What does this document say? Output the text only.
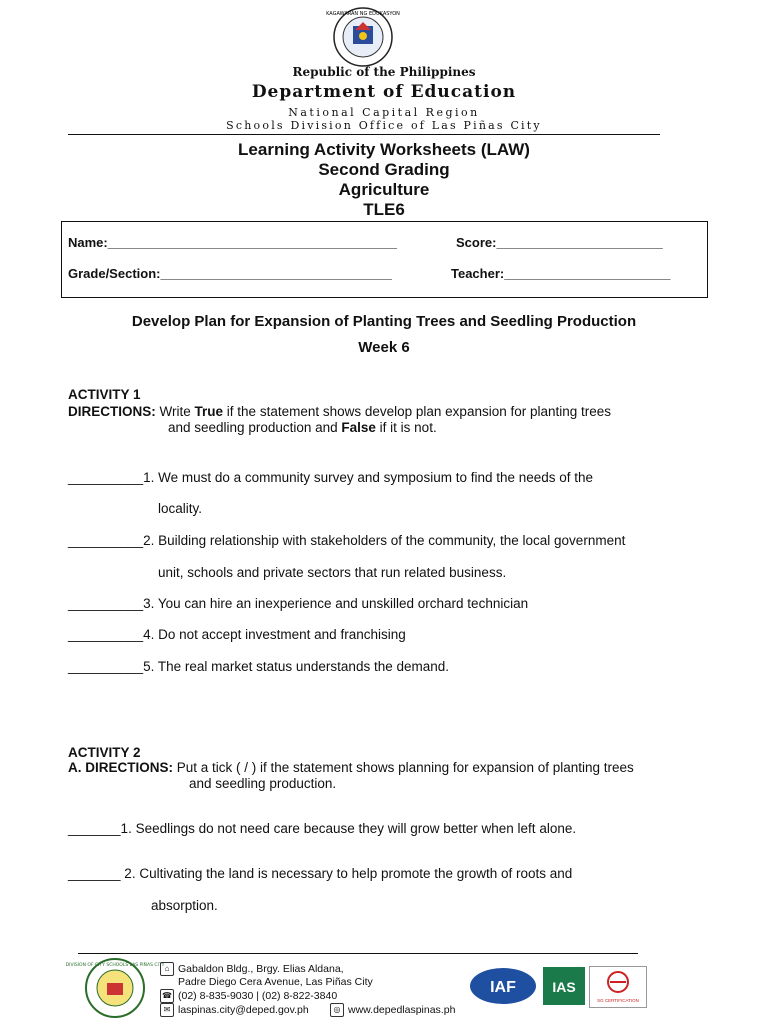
KAGAWARAN NG EDUKASYON
Republic of the Philippines
Department of Education
National Capital Region
Schools Division Office of Las Piñas City
Learning Activity Worksheets (LAW)
Second Grading
Agriculture
TLE6
Name:________________________________________	Score:_______________________
Grade/Section:________________________________	Teacher:_______________________
Develop Plan for Expansion of Planting Trees and Seedling Production
Week 6
ACTIVITY 1
DIRECTIONS: Write True if the statement shows develop plan expansion for planting trees
and seedling production and False if it is not.
__________1. We must do a community survey and symposium to find the needs of the
locality.
__________2. Building relationship with stakeholders of the community, the local government
unit, schools and private sectors that run related business.
__________3. You can hire an inexperience and unskilled orchard technician
__________4. Do not accept investment and franchising
__________5. The real market status understands the demand.
ACTIVITY 2
A. DIRECTIONS: Put a tick ( / ) if the statement shows planning for expansion of planting trees
and seedling production.
_______1. Seedlings do not need care because they will grow better when left alone.
_______ 2. Cultivating the land is necessary to help promote the growth of roots and
absorption.
DIVISION OF CITY SCHOOLS LAS PIÑAS CITY ⌂ Gabaldon Bldg., Brgy. Elias Aldana,
Padre Diego Cera Avenue, Las Piñas City
☎ (02) 8-835-9030 | (02) 8-822-3840
✉ laspinas.city@deped.gov.ph	◎ www.depedlaspinas.ph
IAF	IAS
SG CERTIFICATION
